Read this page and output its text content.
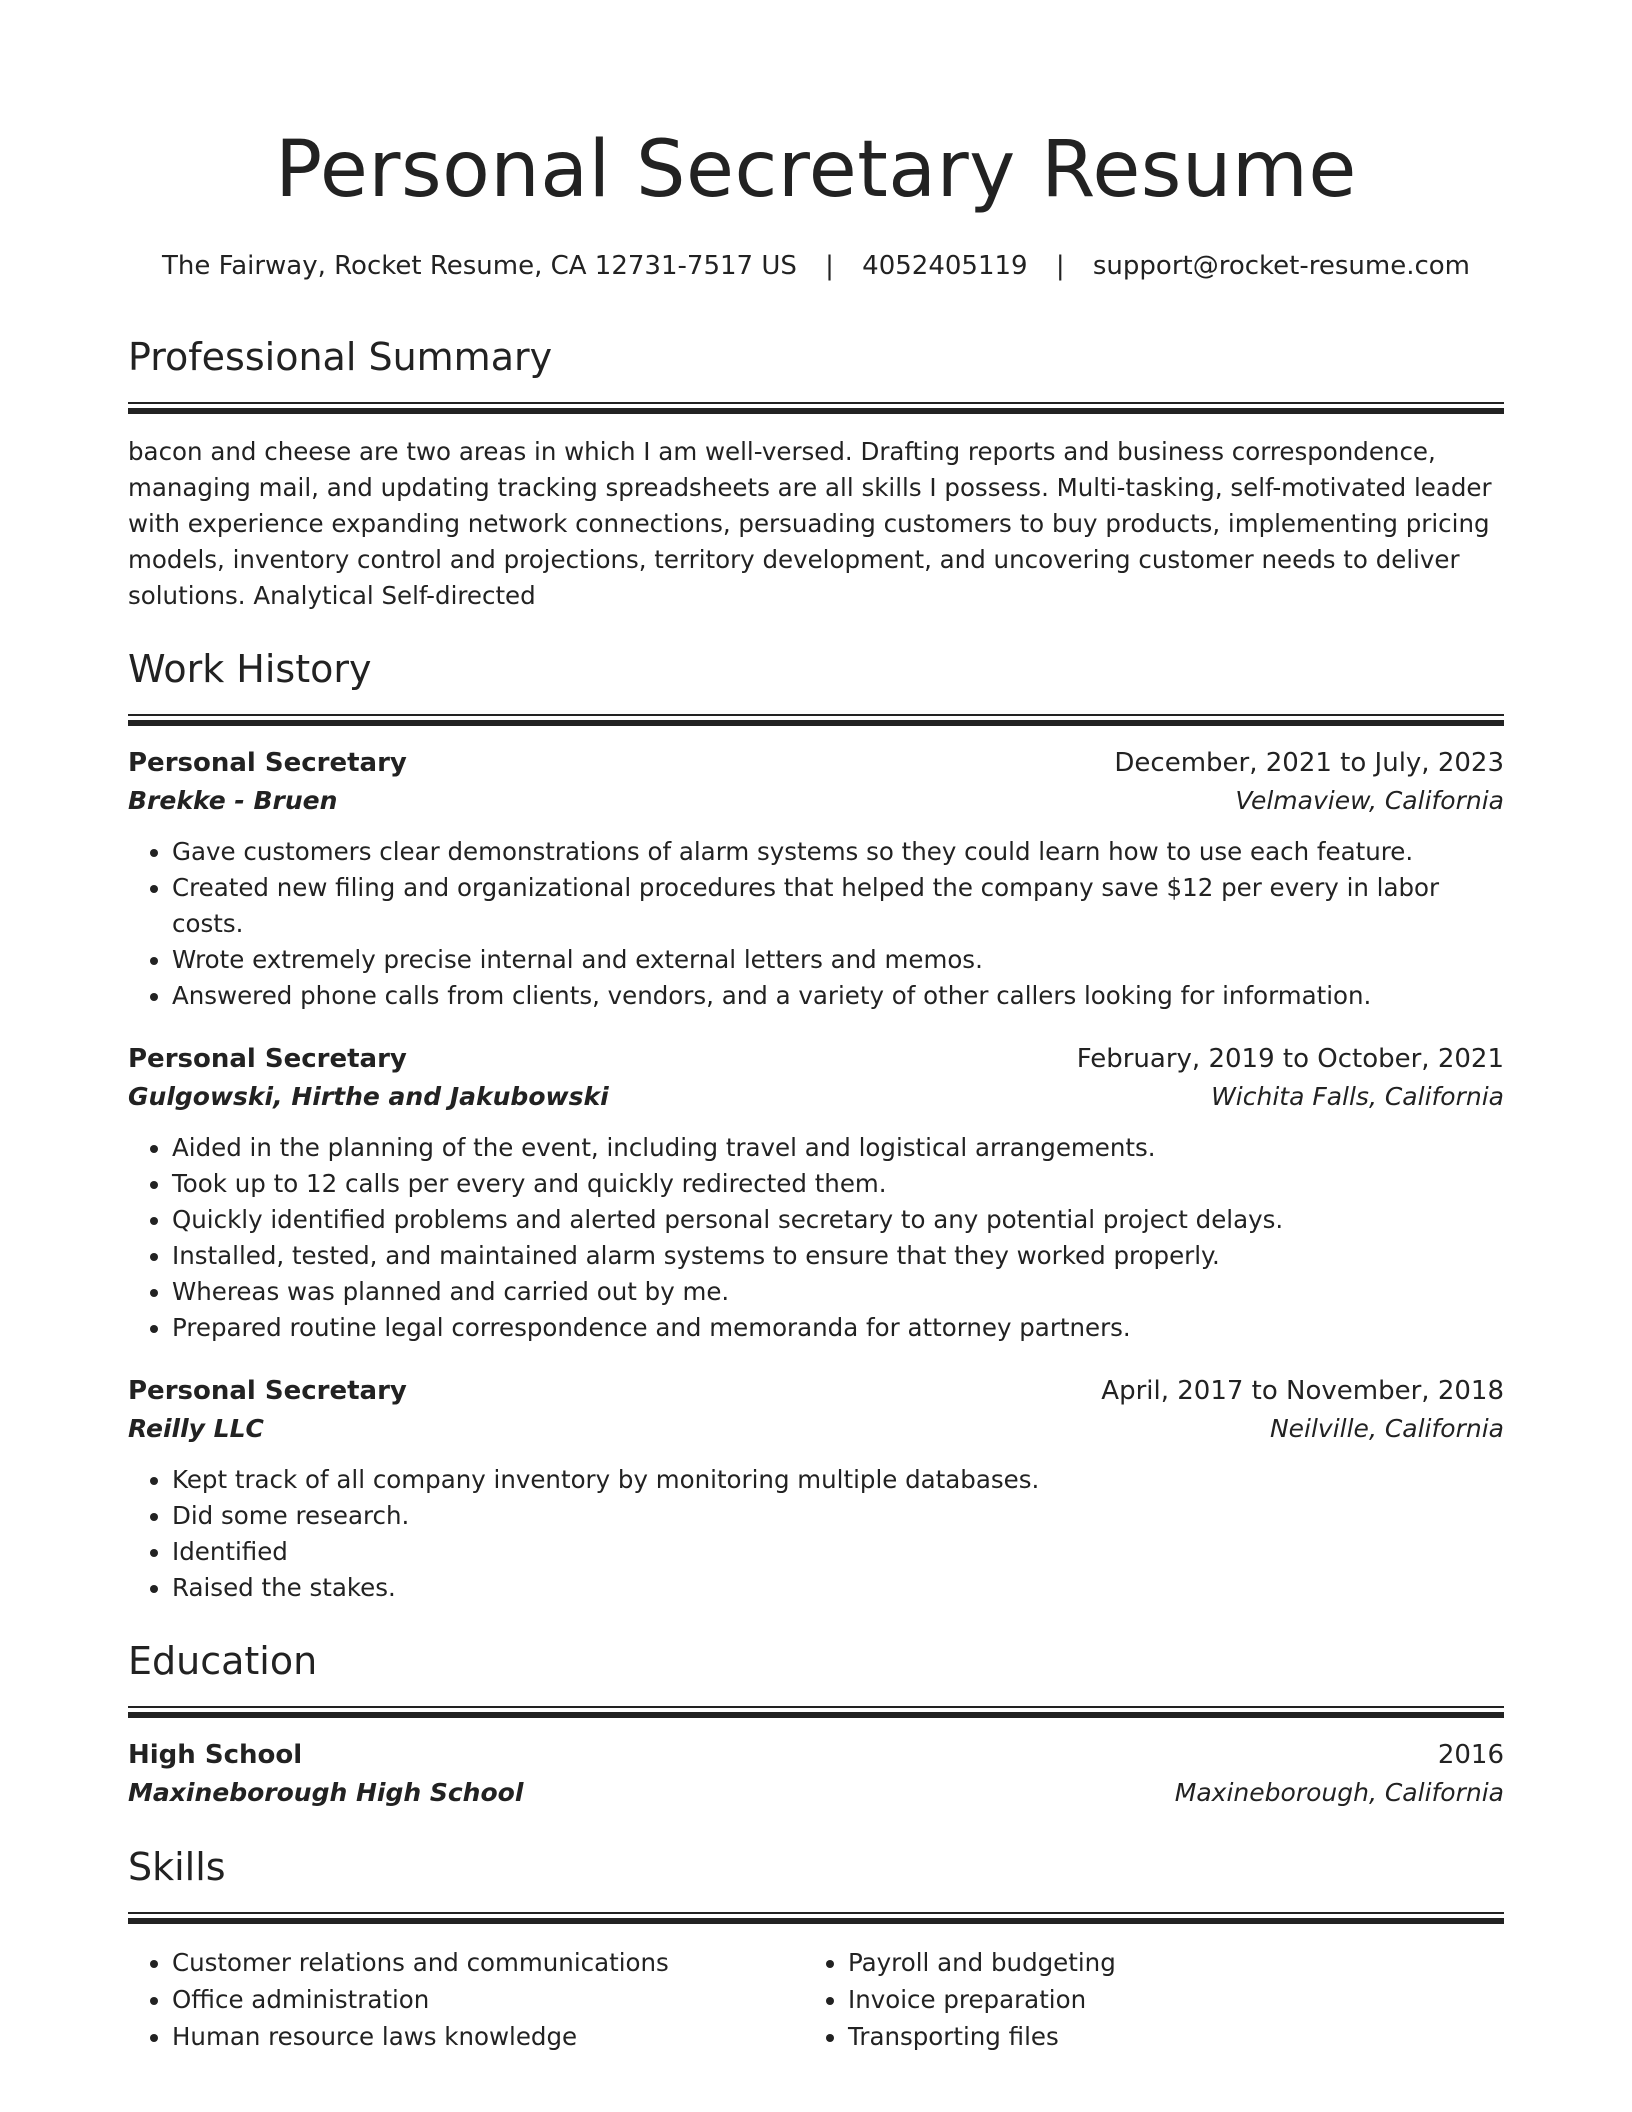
Personal Secretary Resume
The Fairway, Rocket Resume, CA 12731-7517 US | 4052405119 | support@rocket-resume.com
Professional Summary
bacon and cheese are two areas in which I am well-versed. Drafting reports and business correspondence, managing mail, and updating tracking spreadsheets are all skills I possess. Multi-tasking, self-motivated leader with experience expanding network connections, persuading customers to buy products, implementing pricing models, inventory control and projections, territory development, and uncovering customer needs to deliver solutions. Analytical Self-directed
Work History
Personal Secretary	December, 2021 to July, 2023
Brekke - Bruen	Velmaview, California
• Gave customers clear demonstrations of alarm systems so they could learn how to use each feature.
• Created new filing and organizational procedures that helped the company save $12 per every in labor costs.
• Wrote extremely precise internal and external letters and memos.
• Answered phone calls from clients, vendors, and a variety of other callers looking for information.
Personal Secretary	February, 2019 to October, 2021
Gulgowski, Hirthe and Jakubowski	Wichita Falls, California
• Aided in the planning of the event, including travel and logistical arrangements.
• Took up to 12 calls per every and quickly redirected them.
• Quickly identified problems and alerted personal secretary to any potential project delays.
• Installed, tested, and maintained alarm systems to ensure that they worked properly.
• Whereas was planned and carried out by me.
• Prepared routine legal correspondence and memoranda for attorney partners.
Personal Secretary	April, 2017 to November, 2018
Reilly LLC	Neilville, California
• Kept track of all company inventory by monitoring multiple databases.
• Did some research.
• Identified
• Raised the stakes.
Education
High School	2016
Maxineborough High School	Maxineborough, California
Skills
• Customer relations and communications
• Office administration
• Human resource laws knowledge
• Payroll and budgeting
• Invoice preparation
• Transporting files
